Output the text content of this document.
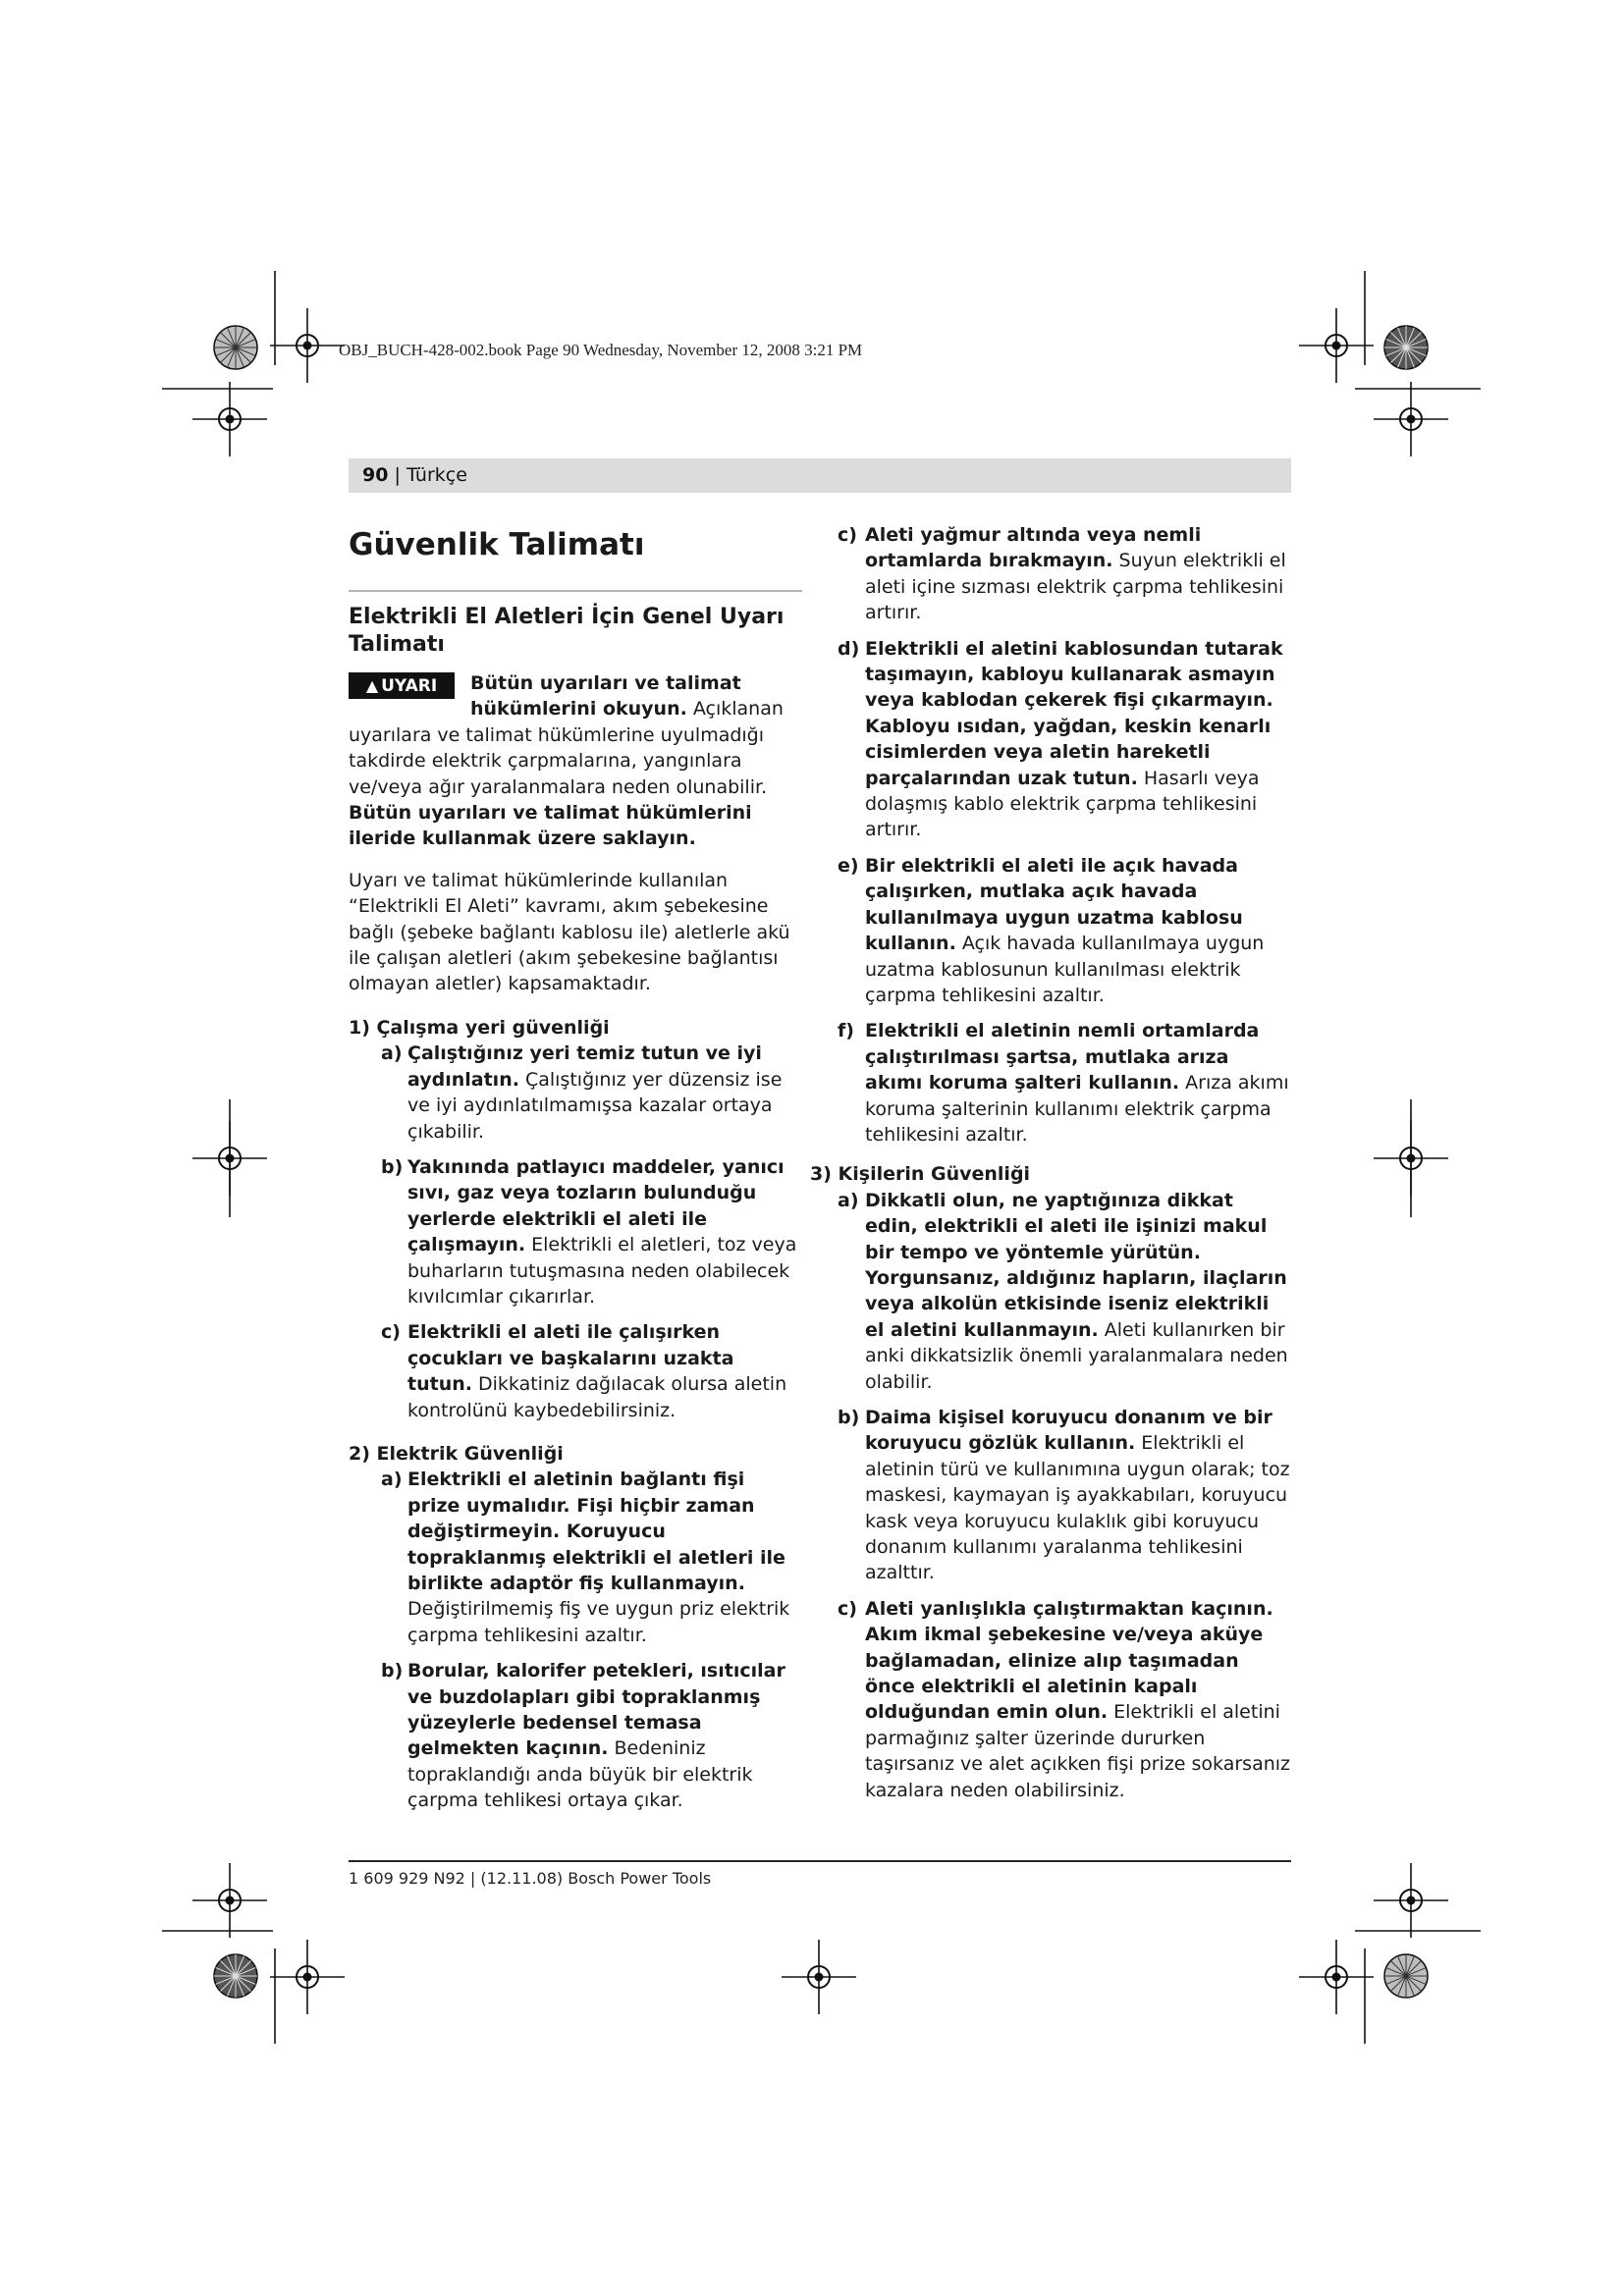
OBJ_BUCH-428-002.book Page 90 Wednesday, November 12, 2008 3:21 PM
90 | Türkçe
Güvenlik Talimatı
Elektrikli El Aletleri İçin Genel Uyarı Talimatı

▲ UYARI	Bütün uyarıları ve talimat hükümlerini okuyun. Açıklanan uyarılara ve talimat hükümlerine uyulmadığı takdirde elektrik çarpmalarına, yangınlara ve/veya ağır yaralanmalara neden olunabilir.

Bütün uyarıları ve talimat hükümlerini ileride kullanmak üzere saklayın.

Uyarı ve talimat hükümlerinde kullanılan “Elektrikli El Aleti” kavramı, akım şebekesine bağlı (şebeke bağlantı kablosu ile) aletlerle akü ile çalışan aletleri (akım şebekesine bağlantısı olmayan aletler) kapsamaktadır.

1) Çalışma yeri güvenliği

a) Çalıştığınız yeri temiz tutun ve iyi aydınlatın. Çalıştığınız yer düzensiz ise ve iyi aydınlatılmamışsa kazalar ortaya çıkabilir.
b) Yakınında patlayıcı maddeler, yanıcı sıvı, gaz veya tozların bulunduğu yerlerde elektrikli el aleti ile çalışmayın. Elektrikli el aletleri, toz veya buharların tutuşmasına neden olabilecek kıvılcımlar çıkarırlar.
c) Elektrikli el aleti ile çalışırken çocukları ve başkalarını uzakta tutun. Dikkatiniz dağılacak olursa aletin kontrolünü kaybedebilirsiniz.

2) Elektrik Güvenliği

a) Elektrikli el aletinin bağlantı fişi prize uymalıdır. Fişi hiçbir zaman değiştirmeyin. Koruyucu topraklanmış elektrikli el aletleri ile birlikte adaptör fiş kullanmayın. Değiştirilmemiş fiş ve uygun priz elektrik çarpma tehlikesini azaltır.
b) Borular, kalorifer petekleri, ısıtıcılar ve buzdolapları gibi topraklanmış yüzeylerle bedensel temasa gelmekten kaçının. Bedeniniz topraklandığı anda büyük bir elektrik çarpma tehlikesi ortaya çıkar.
c) Aleti yağmur altında veya nemli ortamlarda bırakmayın. Suyun elektrikli el aleti içine sızması elektrik çarpma tehlikesini artırır.
d) Elektrikli el aletini kablosundan tutarak taşımayın, kabloyu kullanarak asmayın veya kablodan çekerek fişi çıkarmayın. Kabloyu ısıdan, yağdan, keskin kenarlı cisimlerden veya aletin hareketli parçalarından uzak tutun. Hasarlı veya dolaşmış kablo elektrik çarpma tehlikesini artırır.
e) Bir elektrikli el aleti ile açık havada çalışırken, mutlaka açık havada kullanılmaya uygun uzatma kablosu kullanın. Açık havada kullanılmaya uygun uzatma kablosunun kullanılması elektrik çarpma tehlikesini azaltır.
f) Elektrikli el aletinin nemli ortamlarda çalıştırılması şartsa, mutlaka arıza akımı koruma şalteri kullanın. Arıza akımı koruma şalterinin kullanımı elektrik çarpma tehlikesini azaltır.

3) Kişilerin Güvenliği

a) Dikkatli olun, ne yaptığınıza dikkat edin, elektrikli el aleti ile işinizi makul bir tempo ve yöntemle yürütün. Yorgunsanız, aldığınız hapların, ilaçların veya alkolün etkisinde iseniz elektrikli el aletini kullanmayın. Aleti kullanırken bir anki dikkatsizlik önemli yaralanmalara neden olabilir.
b) Daima kişisel koruyucu donanım ve bir koruyucu gözlük kullanın. Elektrikli el aletinin türü ve kullanımına uygun olarak; toz maskesi, kaymayan iş ayakkabıları, koruyucu kask veya koruyucu kulaklık gibi koruyucu donanım kullanımı yaralanma tehlikesini azalttır.
c) Aleti yanlışlıkla çalıştırmaktan kaçının. Akım ikmal şebekesine ve/veya aküye bağlamadan, elinize alıp taşımadan önce elektrikli el aletinin kapalı olduğundan emin olun. Elektrikli el aletini parmağınız şalter üzerinde dururken taşırsanız ve alet açıkken fişi prize sokarsanız kazalara neden olabilirsiniz.
1 609 929 N92 | (12.11.08) Bosch Power Tools
